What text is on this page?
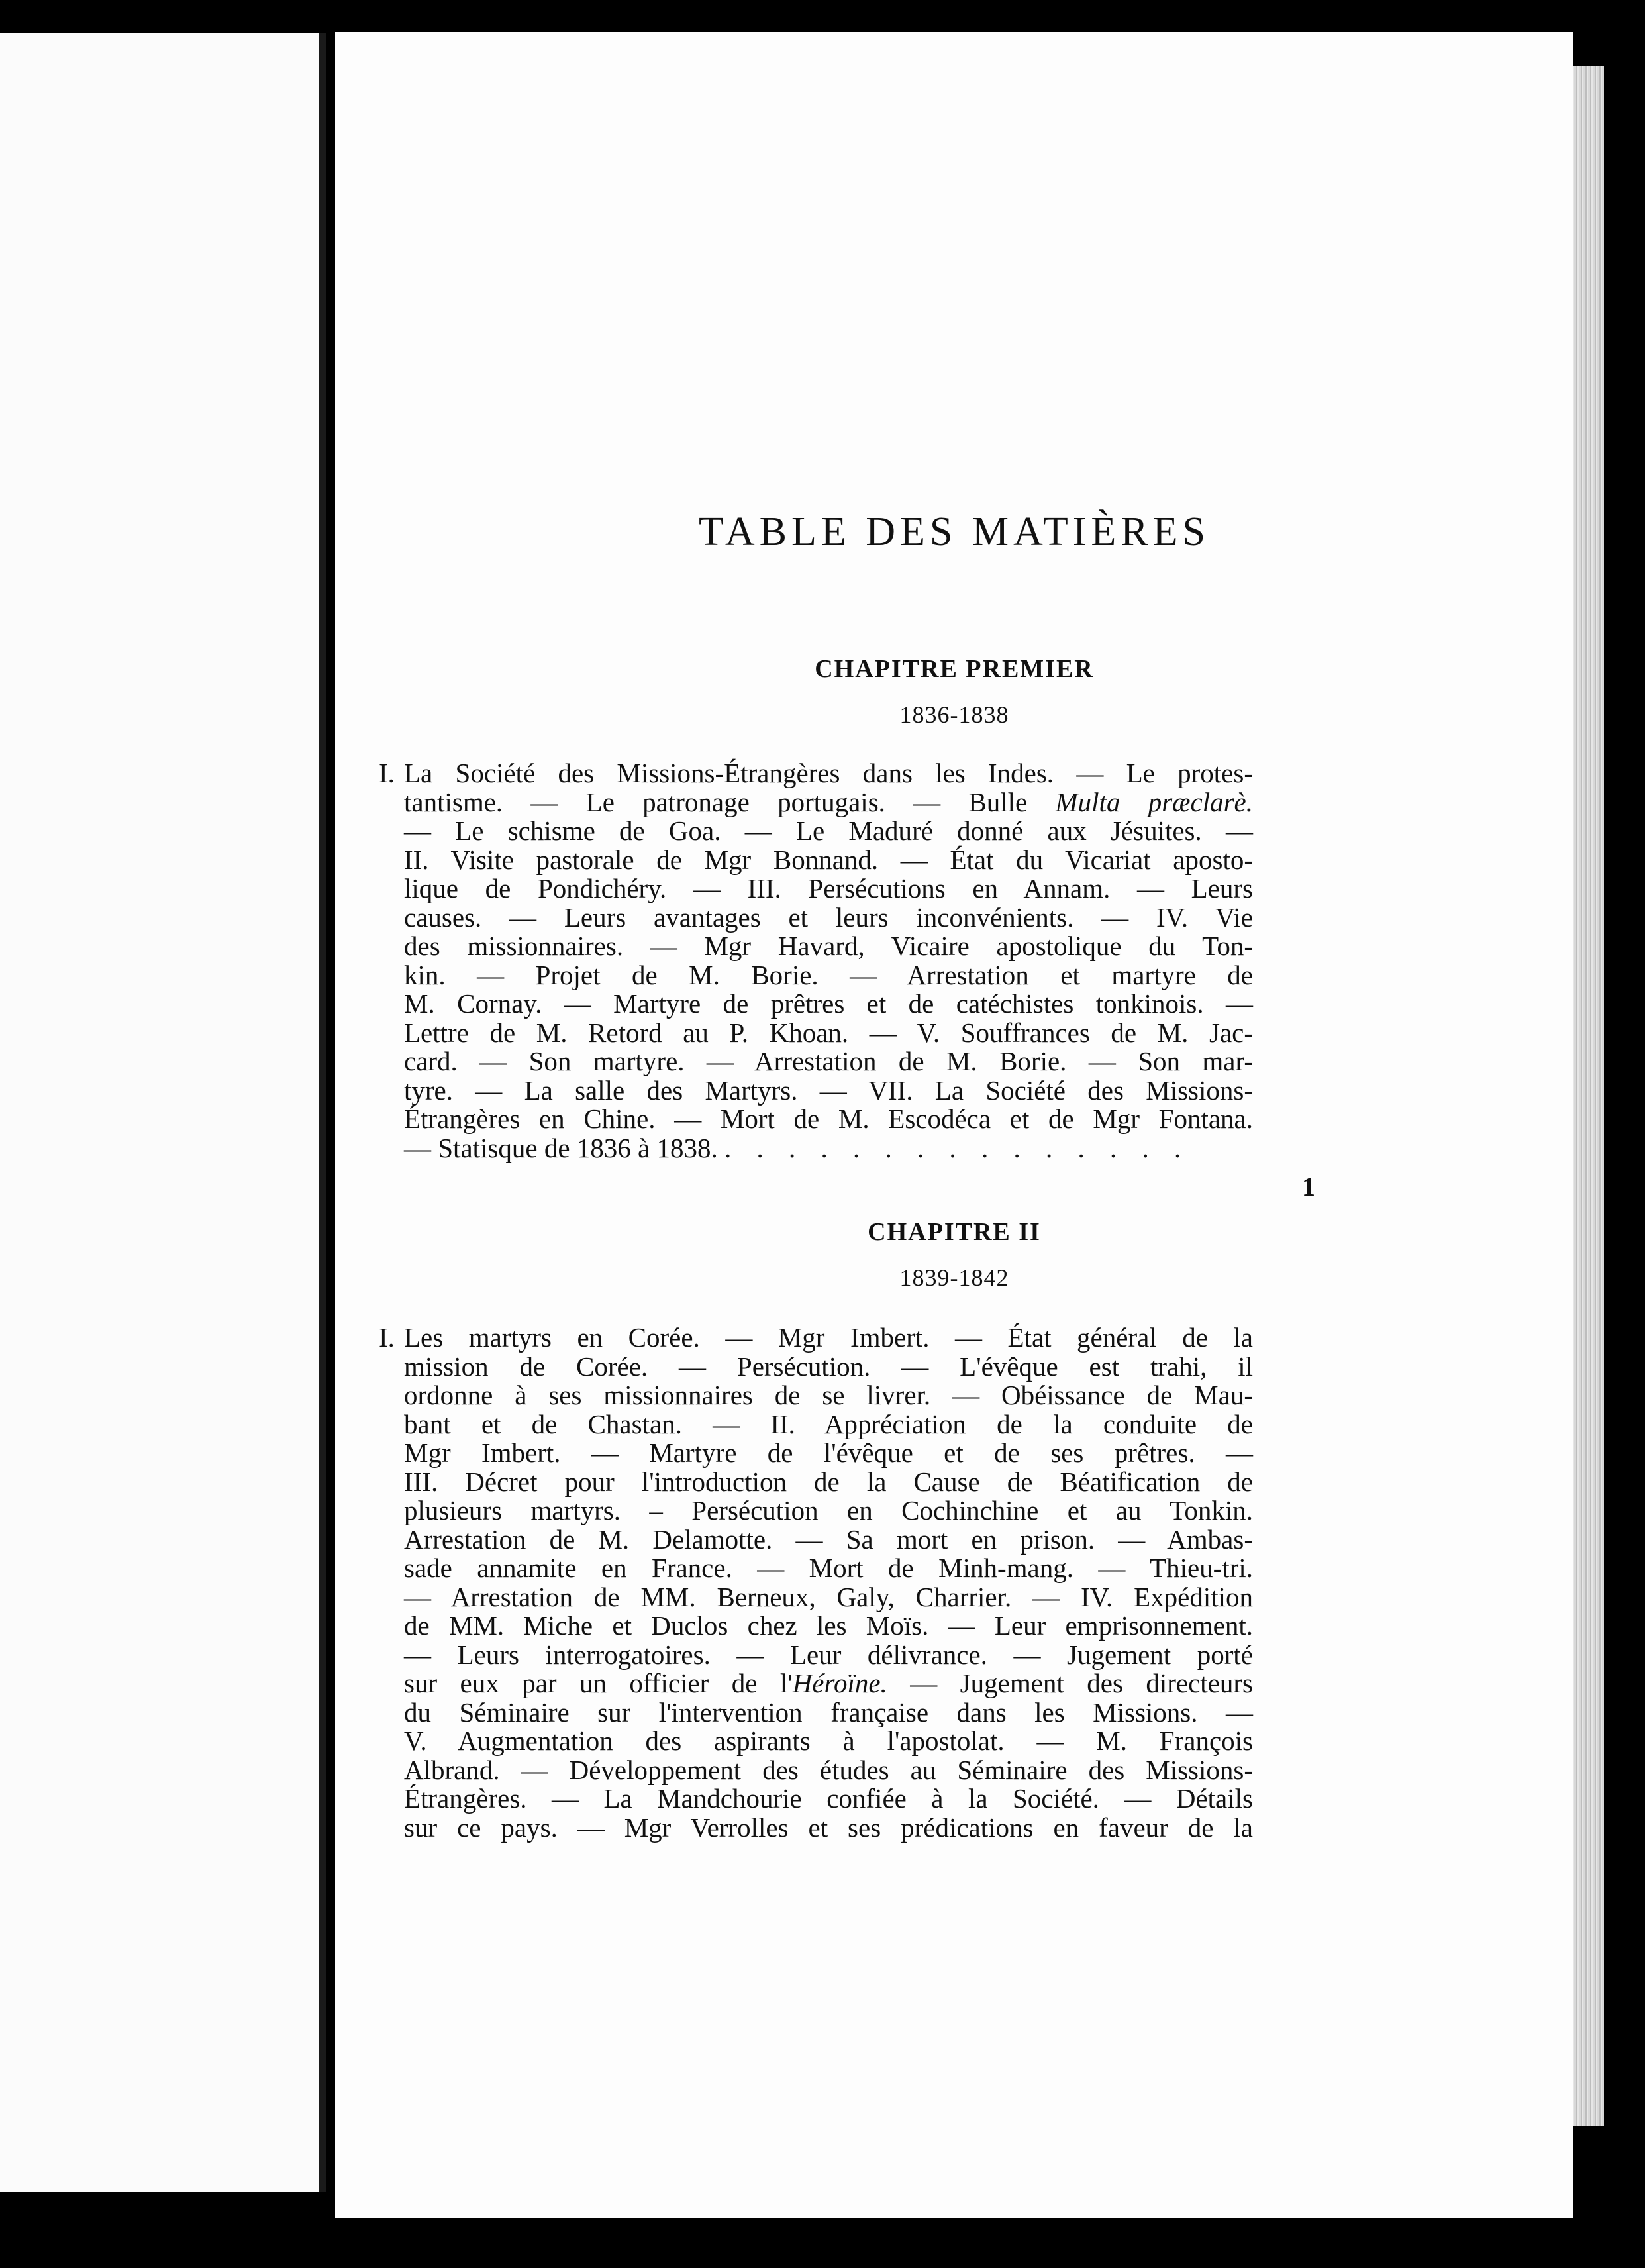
TABLE DES MATIÈRES
CHAPITRE PREMIER
1836-1838
I. La Société des Missions-Étrangères dans les Indes. — Le protes-
tantisme. — Le patronage portugais. — Bulle Multa præclarè.
— Le schisme de Goa. — Le Maduré donné aux Jésuites. —
II. Visite pastorale de Mgr Bonnand. — État du Vicariat aposto-
lique de Pondichéry. — III. Persécutions en Annam. — Leurs
causes. — Leurs avantages et leurs inconvénients. — IV. Vie
des missionnaires. — Mgr Havard, Vicaire apostolique du Ton-
kin. — Projet de M. Borie. — Arrestation et martyre de
M. Cornay. — Martyre de prêtres et de catéchistes tonkinois. —
Lettre de M. Retord au P. Khoan. — V. Souffrances de M. Jac-
card. — Son martyre. — Arrestation de M. Borie. — Son mar-
tyre. — La salle des Martyrs. — VII. La Société des Missions-
Étrangères en Chine. — Mort de M. Escodéca et de Mgr Fontana.
— Statisque de 1836 à 1838. . . . . . . . . . . . . . . .
1
CHAPITRE II
1839-1842
I. Les martyrs en Corée. — Mgr Imbert. — État général de la
mission de Corée. — Persécution. — L'évêque est trahi, il
ordonne à ses missionnaires de se livrer. — Obéissance de Mau-
bant et de Chastan. — II. Appréciation de la conduite de
Mgr Imbert. — Martyre de l'évêque et de ses prêtres. —
III. Décret pour l'introduction de la Cause de Béatification de
plusieurs martyrs. – Persécution en Cochinchine et au Tonkin.
Arrestation de M. Delamotte. — Sa mort en prison. — Ambas-
sade annamite en France. — Mort de Minh-mang. — Thieu-tri.
— Arrestation de MM. Berneux, Galy, Charrier. — IV. Expédition
de MM. Miche et Duclos chez les Moïs. — Leur emprisonnement.
— Leurs interrogatoires. — Leur délivrance. — Jugement porté
sur eux par un officier de l'Héroïne. — Jugement des directeurs
du Séminaire sur l'intervention française dans les Missions. —
V. Augmentation des aspirants à l'apostolat. — M. François
Albrand. — Développement des études au Séminaire des Missions-
Étrangères. — La Mandchourie confiée à la Société. — Détails
sur ce pays. — Mgr Verrolles et ses prédications en faveur de la
